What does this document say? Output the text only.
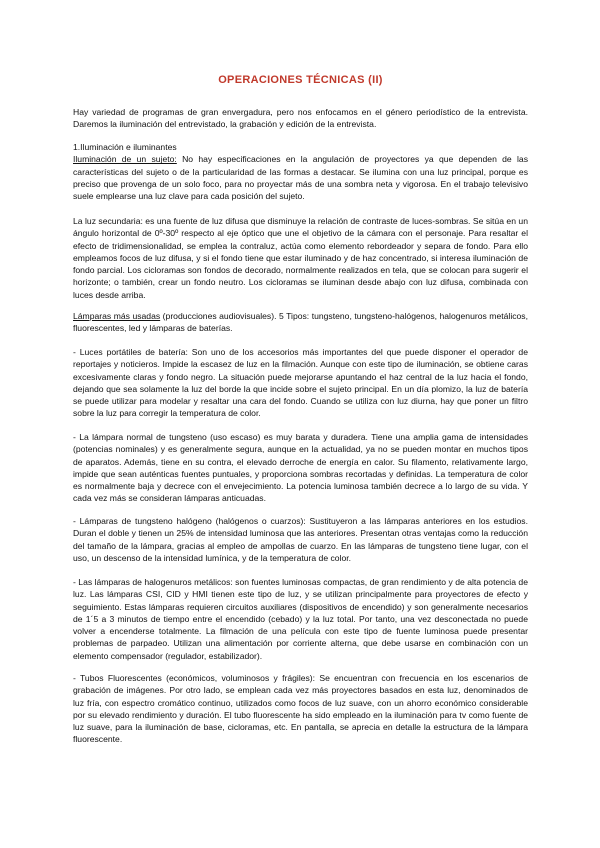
OPERACIONES TÉCNICAS (II)
Hay variedad de programas de gran envergadura, pero nos enfocamos en el género periodístico de la entrevista. Daremos la iluminación del entrevistado, la grabación y edición de la entrevista.
1.Iluminación e iluminantes
Iluminación de un sujeto: No hay especificaciones en la angulación de proyectores ya que dependen de las características del sujeto o de la particularidad de las formas a destacar. Se ilumina con una luz principal, porque es preciso que provenga de un solo foco, para no proyectar más de una sombra neta y vigorosa. En el trabajo televisivo suele emplearse una luz clave para cada posición del sujeto.
La luz secundaria: es una fuente de luz difusa que disminuye la relación de contraste de luces-sombras. Se sitúa en un ángulo horizontal de 0º-30º respecto al eje óptico que une el objetivo de la cámara con el personaje. Para resaltar el efecto de tridimensionalidad, se emplea la contraluz, actúa como elemento rebordeador y separa de fondo. Para ello empleamos focos de luz difusa, y si el fondo tiene que estar iluminado y de haz concentrado, si interesa iluminación de fondo parcial. Los cicloramas son fondos de decorado, normalmente realizados en tela, que se colocan para sugerir el horizonte; o también, crear un fondo neutro. Los cicloramas se iluminan desde abajo con luz difusa, combinada con luces desde arriba.
Lámparas más usadas (producciones audiovisuales). 5 Tipos: tungsteno, tungsteno-halógenos, halogenuros metálicos, fluorescentes, led y lámparas de baterías.
- Luces portátiles de batería: Son uno de los accesorios más importantes del que puede disponer el operador de reportajes y noticieros. Impide la escasez de luz en la filmación. Aunque con este tipo de iluminación, se obtiene caras excesivamente claras y fondo negro. La situación puede mejorarse apuntando el haz central de la luz hacia el fondo, dejando que sea solamente la luz del borde la que incide sobre el sujeto principal. En un día plomizo, la luz de batería se puede utilizar para modelar y resaltar una cara del fondo. Cuando se utiliza con luz diurna, hay que poner un filtro sobre la luz para corregir la temperatura de color.
- La lámpara normal de tungsteno (uso escaso) es muy barata y duradera. Tiene una amplia gama de intensidades (potencias nominales) y es generalmente segura, aunque en la actualidad, ya no se pueden montar en muchos tipos de aparatos. Además, tiene en su contra, el elevado derroche de energía en calor. Su filamento, relativamente largo, impide que sean auténticas fuentes puntuales, y proporciona sombras recortadas y definidas. La temperatura de color es normalmente baja y decrece con el envejecimiento. La potencia luminosa también decrece a lo largo de su vida. Y cada vez más se consideran lámparas anticuadas.
- Lámparas de tungsteno halógeno (halógenos o cuarzos): Sustituyeron a las lámparas anteriores en los estudios. Duran el doble y tienen un 25% de intensidad luminosa que las anteriores. Presentan otras ventajas como la reducción del tamaño de la lámpara, gracias al empleo de ampollas de cuarzo. En las lámparas de tungsteno tiene lugar, con el uso, un descenso de la intensidad lumínica, y de la temperatura de color.
- Las lámparas de halogenuros metálicos: son fuentes luminosas compactas, de gran rendimiento y de alta potencia de luz. Las lámparas CSI, CID y HMI tienen este tipo de luz, y se utilizan principalmente para proyectores de efecto y seguimiento. Estas lámparas requieren circuitos auxiliares (dispositivos de encendido) y son generalmente necesarios de 1´5 a 3 minutos de tiempo entre el encendido (cebado) y la luz total. Por tanto, una vez desconectada no puede volver a encenderse totalmente. La filmación de una película con este tipo de fuente luminosa puede presentar problemas de parpadeo. Utilizan una alimentación por corriente alterna, que debe usarse en combinación con un elemento compensador (regulador, estabilizador).
- Tubos Fluorescentes (económicos, voluminosos y frágiles): Se encuentran con frecuencia en los escenarios de grabación de imágenes. Por otro lado, se emplean cada vez más proyectores basados en esta luz, denominados de luz fría, con espectro cromático continuo, utilizados como focos de luz suave, con un ahorro económico considerable por su elevado rendimiento y duración. El tubo fluorescente ha sido empleado en la iluminación para tv como fuente de luz suave, para la iluminación de base, cicloramas, etc. En pantalla, se aprecia en detalle la estructura de la lámpara fluorescente.
